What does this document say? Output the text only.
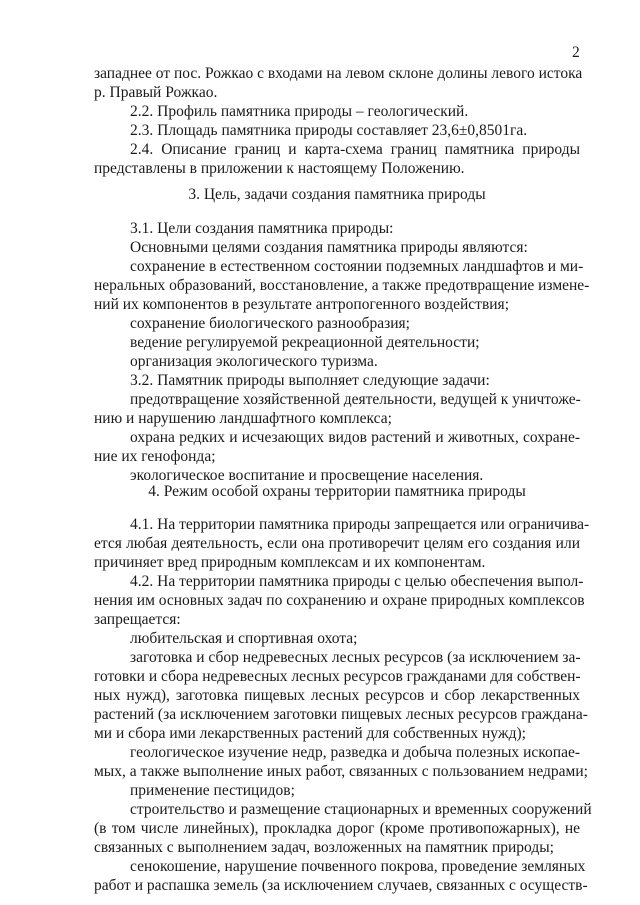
2
западнее от пос. Рожкао с входами на левом склоне долины левого истока
р. Правый Рожкао.
2.2. Профиль памятника природы – геологический.
2.3. Площадь памятника природы составляет 23,6±0,8501га.
2.4. Описание границ и карта-схема границ памятника природы
представлены в приложении к настоящему Положению.
3. Цель, задачи создания памятника природы
3.1. Цели создания памятника природы:
Основными целями создания памятника природы являются:
сохранение в естественном состоянии подземных ландшафтов и ми-
неральных образований, восстановление, а также предотвращение измене-
ний их компонентов в результате антропогенного воздействия;
сохранение биологического разнообразия;
ведение регулируемой рекреационной деятельности;
организация экологического туризма.
3.2. Памятник природы выполняет следующие задачи:
предотвращение хозяйственной деятельности, ведущей к уничтоже-
нию и нарушению ландшафтного комплекса;
охрана редких и исчезающих видов растений и животных, сохране-
ние их генофонда;
экологическое воспитание и просвещение населения.
4. Режим особой охраны территории памятника природы
4.1. На территории памятника природы запрещается или ограничива-
ется любая деятельность, если она противоречит целям его создания или
причиняет вред природным комплексам и их компонентам.
4.2. На территории памятника природы с целью обеспечения выпол-
нения им основных задач по сохранению и охране природных комплексов
запрещается:
любительская и спортивная охота;
заготовка и сбор недревесных лесных ресурсов (за исключением за-
готовки и сбора недревесных лесных ресурсов гражданами для собствен-
ных нужд), заготовка пищевых лесных ресурсов и сбор лекарственных
растений (за исключением заготовки пищевых лесных ресурсов граждана-
ми и сбора ими лекарственных растений для собственных нужд);
геологическое изучение недр, разведка и добыча полезных ископае-
мых, а также выполнение иных работ, связанных с пользованием недрами;
применение пестицидов;
строительство и размещение стационарных и временных сооружений
(в том числе линейных), прокладка дорог (кроме противопожарных), не
связанных с выполнением задач, возложенных на памятник природы;
сенокошение, нарушение почвенного покрова, проведение земляных
работ и распашка земель (за исключением случаев, связанных с осуществ-
